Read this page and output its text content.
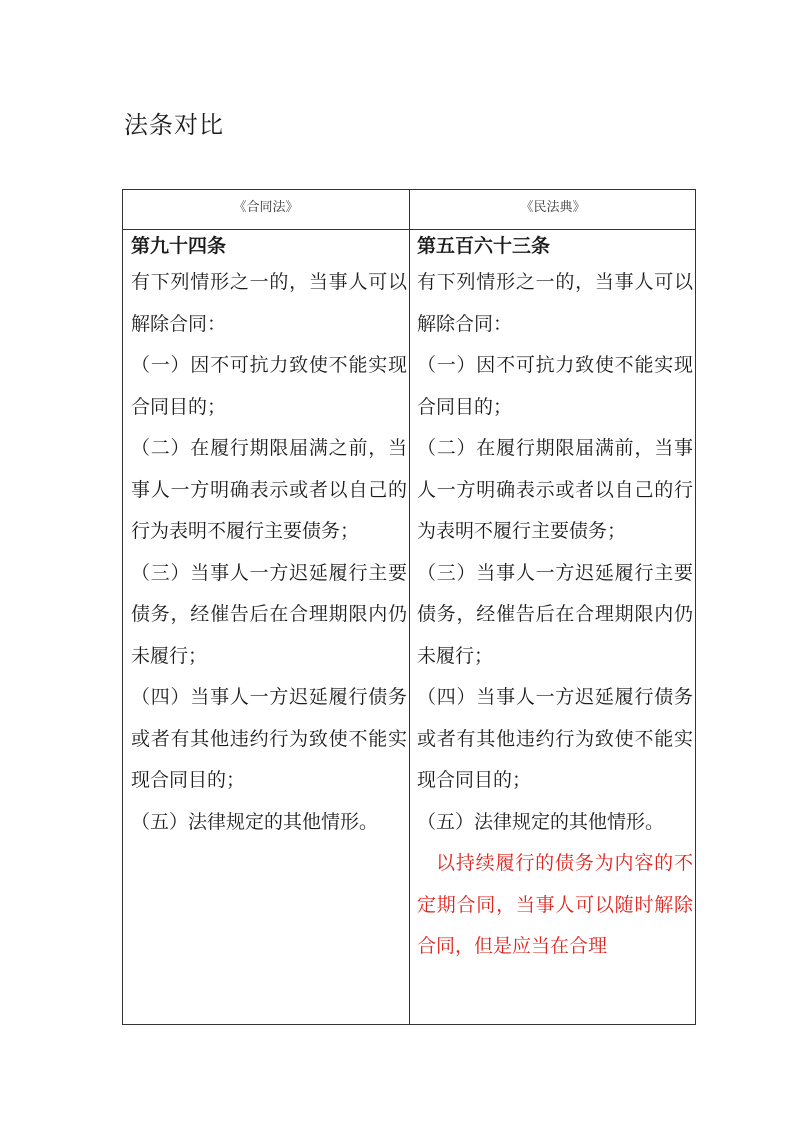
法条对比
《合同法》	《民法典》
第九十四条

有下列情形之一的，当事人可以解除合同：

（一）因不可抗力致使不能实现合同目的；

（二）在履行期限届满之前，当事人一方明确表示或者以自己的行为表明不履行主要债务；

（三）当事人一方迟延履行主要债务，经催告后在合理期限内仍未履行；

（四）当事人一方迟延履行债务或者有其他违约行为致使不能实现合同目的；

（五）法律规定的其他情形。

第五百六十三条

有下列情形之一的，当事人可以解除合同：

（一）因不可抗力致使不能实现合同目的；

（二）在履行期限届满前，当事人一方明确表示或者以自己的行为表明不履行主要债务；

（三）当事人一方迟延履行主要债务，经催告后在合理期限内仍未履行；

（四）当事人一方迟延履行债务或者有其他违约行为致使不能实现合同目的；

（五）法律规定的其他情形。

以持续履行的债务为内容的不定期合同，当事人可以随时解除合同，但是应当在合理
